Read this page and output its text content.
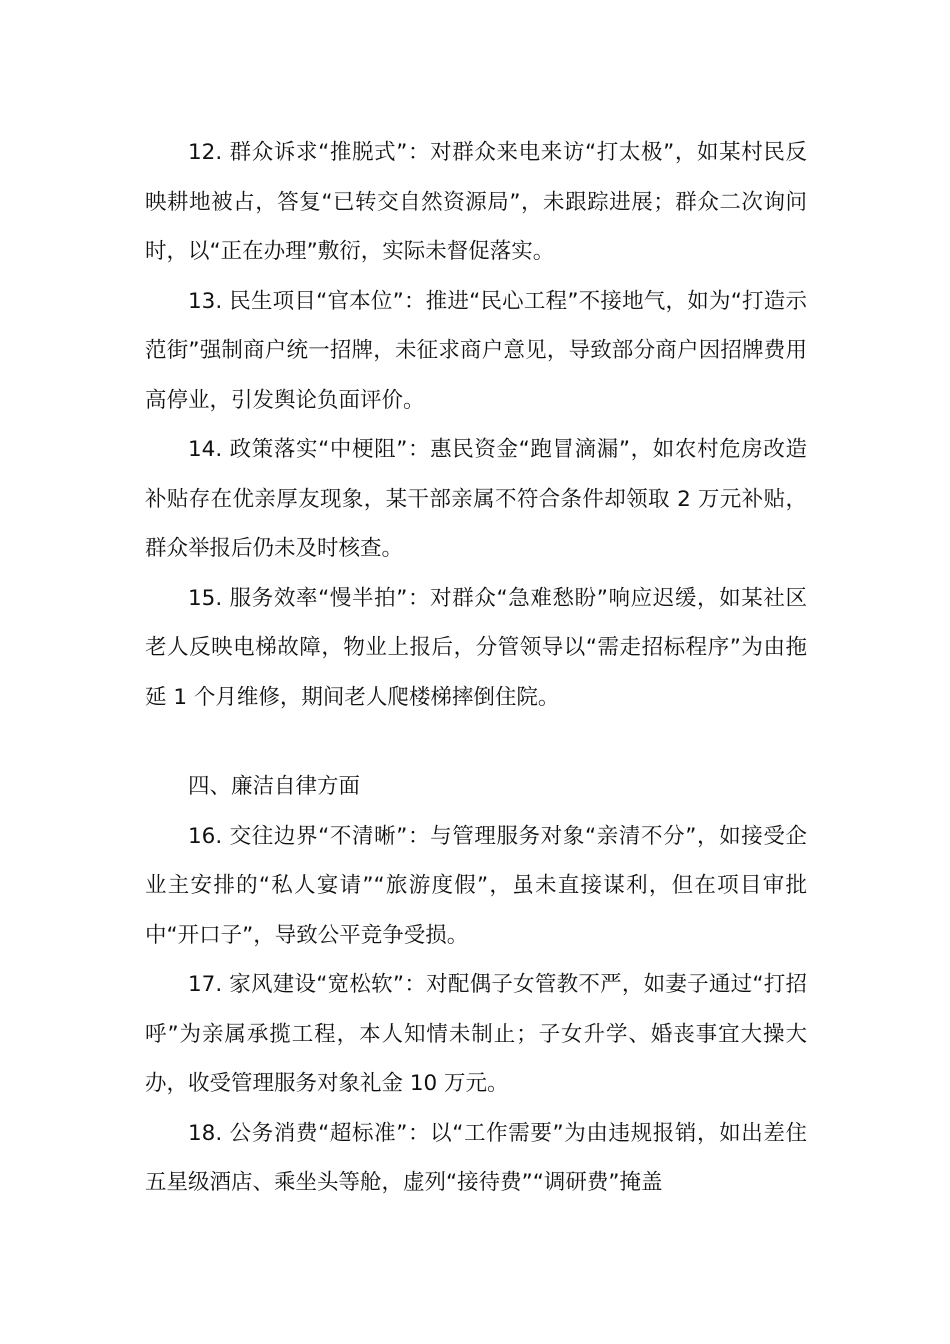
12. 群众诉求“推脱式”：对群众来电来访“打太极”，如某村民反映耕地被占，答复“已转交自然资源局”，未跟踪进展；群众二次询问时，以“正在办理”敷衍，实际未督促落实。

13. 民生项目“官本位”：推进“民心工程”不接地气，如为“打造示范街”强制商户统一招牌，未征求商户意见，导致部分商户因招牌费用高停业，引发舆论负面评价。

14. 政策落实“中梗阻”：惠民资金“跑冒滴漏”，如农村危房改造补贴存在优亲厚友现象，某干部亲属不符合条件却领取 2 万元补贴，群众举报后仍未及时核查。

15. 服务效率“慢半拍”：对群众“急难愁盼”响应迟缓，如某社区老人反映电梯故障，物业上报后，分管领导以“需走招标程序”为由拖延 1 个月维修，期间老人爬楼梯摔倒住院。

四、廉洁自律方面

16. 交往边界“不清晰”：与管理服务对象“亲清不分”，如接受企业主安排的“私人宴请”“旅游度假”，虽未直接谋利，但在项目审批中“开口子”，导致公平竞争受损。

17. 家风建设“宽松软”：对配偶子女管教不严，如妻子通过“打招呼”为亲属承揽工程，本人知情未制止；子女升学、婚丧事宜大操大办，收受管理服务对象礼金 10 万元。

18. 公务消费“超标准”：以“工作需要”为由违规报销，如出差住五星级酒店、乘坐头等舱，虚列“接待费”“调研费”掩盖
